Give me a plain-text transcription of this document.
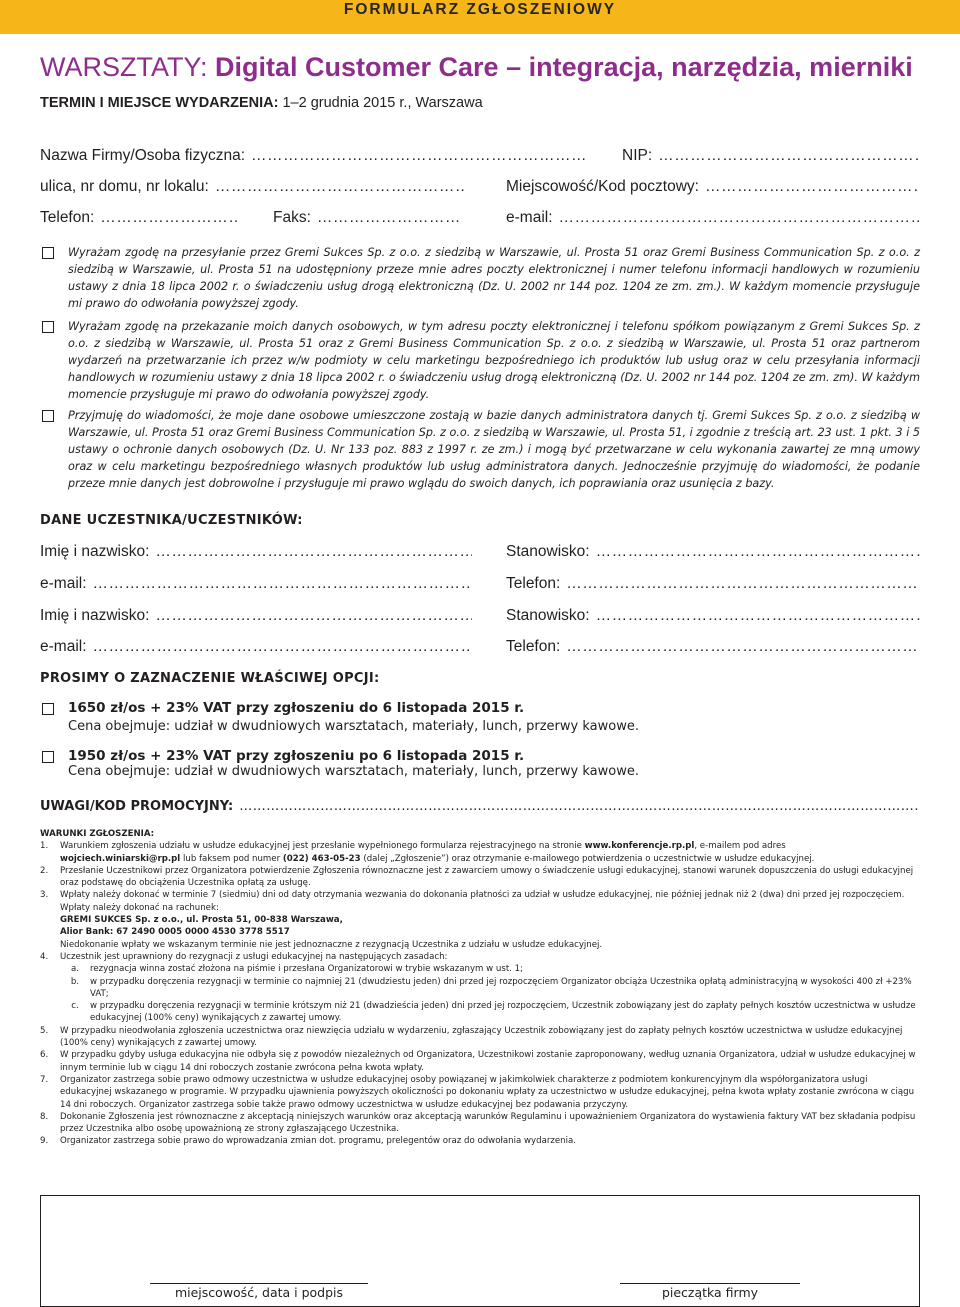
FORMULARZ ZGŁOSZENIOWY
WARSZTATY: Digital Customer Care – integracja, narzędzia, mierniki
TERMIN I MIEJSCE WYDARZENIA: 1–2 grudnia 2015 r., Warszawa
Nazwa Firmy/Osoba fizyczna: ……………………………………………………………………………………………………………………………………………………………………………………………	NIP:
……………………………………………………………………………………………………………………………………………………………………………………………
ulica, nr domu, nr lokalu: ……………………………………………………………………………………………………………………………………………………………………………………………	Miejscowość/Kod pocztowy:
……………………………………………………………………………………………………………………………………………………………………………………………
Telefon: ……………………………………………………………………………………………………………………………………………………………………………………………	Faks: ……………………………………………………………………………………………………………………………………………………………………………………………	e-mail:
……………………………………………………………………………………………………………………………………………………………………………………………
Wyrażam zgodę na przesyłanie przez Gremi Sukces Sp. z o.o. z siedzibą w Warszawie, ul. Prosta 51 oraz Gremi Business Communication Sp. z o.o. z siedzibą w Warszawie, ul. Prosta 51 na udostępniony przeze mnie adres poczty elektronicznej i numer telefonu informacji handlowych w rozumieniu ustawy z dnia 18 lipca 2002 r. o świadczeniu usług drogą elektroniczną (Dz. U. 2002 nr 144 poz. 1204 ze zm. zm.). W każdym momencie przysługuje mi prawo do odwołania powyższej zgody.
Wyrażam zgodę na przekazanie moich danych osobowych, w tym adresu poczty elektronicznej i telefonu spółkom powiązanym z Gremi Sukces Sp. z o.o. z siedzibą w Warszawie, ul. Prosta 51 oraz z Gremi Business Communication Sp. z o.o. z siedzibą w Warszawie, ul. Prosta 51 oraz partnerom wydarzeń na przetwarzanie ich przez w/w podmioty w celu marketingu bezpośredniego ich produktów lub usług oraz w celu przesyłania informacji handlowych w rozumieniu ustawy z dnia 18 lipca 2002 r. o świadczeniu usług drogą elektroniczną (Dz. U. 2002 nr 144 poz. 1204 ze zm. zm). W każdym momencie przysługuje mi prawo do odwołania powyższej zgody.
Przyjmuję do wiadomości, że moje dane osobowe umieszczone zostają w bazie danych administratora danych tj. Gremi Sukces Sp. z o.o. z siedzibą w Warszawie, ul. Prosta 51 oraz Gremi Business Communication Sp. z o.o. z siedzibą w Warszawie, ul. Prosta 51, i zgodnie z treścią art. 23 ust. 1 pkt. 3 i 5 ustawy o ochronie danych osobowych (Dz. U. Nr 133 poz. 883 z 1997 r. ze zm.) i mogą być przetwarzane w celu wykonania zawartej ze mną umowy oraz w celu marketingu bezpośredniego własnych produktów lub usług administratora danych. Jednocześnie przyjmuję do wiadomości, że podanie przeze mnie danych jest dobrowolne i przysługuje mi prawo wglądu do swoich danych, ich poprawiania oraz usunięcia z bazy.
DANE UCZESTNIKA/UCZESTNIKÓW:
Imię i nazwisko: ……………………………………………………………………………………………………………………………………………………………………………………………	Stanowisko:
……………………………………………………………………………………………………………………………………………………………………………………………
e-mail: ……………………………………………………………………………………………………………………………………………………………………………………………	Telefon:
……………………………………………………………………………………………………………………………………………………………………………………………
Imię i nazwisko: ……………………………………………………………………………………………………………………………………………………………………………………………	Stanowisko:
……………………………………………………………………………………………………………………………………………………………………………………………
e-mail: ……………………………………………………………………………………………………………………………………………………………………………………………	Telefon:
……………………………………………………………………………………………………………………………………………………………………………………………
PROSIMY O ZAZNACZENIE WŁAŚCIWEJ OPCJI:
1650 zł/os + 23% VAT przy zgłoszeniu do 6 listopada 2015 r.
Cena obejmuje: udział w dwudniowych warsztatach, materiały, lunch, przerwy kawowe.
1950 zł/os + 23% VAT przy zgłoszeniu po 6 listopada 2015 r.
Cena obejmuje: udział w dwudniowych warsztatach, materiały, lunch, przerwy kawowe.
UWAGI/KOD PROMOCYJNY:
……………………………………………………………………………………………………………………………………………………………………………………………
WARUNKI ZGŁOSZENIA:
1.	Warunkiem zgłoszenia udziału w usłudze edukacyjnej jest przesłanie wypełnionego formularza rejestracyjnego na stronie www.konferencje.rp.pl, e-mailem pod adres
wojciech.winiarski@rp.pl lub faksem pod numer (022) 463-05-23 (dalej „Zgłoszenie”) oraz otrzymanie e-mailowego potwierdzenia o uczestnictwie w usłudze edukacyjnej.
2.	Przesłanie Uczestnikowi przez Organizatora potwierdzenie Zgłoszenia równoznaczne jest z zawarciem umowy o świadczenie usługi edukacyjnej, stanowi warunek dopuszczenia do usługi edukacyjnej oraz podstawę do obciążenia Uczestnika opłatą za usługę.
3.	Wpłaty należy dokonać w terminie 7 (siedmiu) dni od daty otrzymania wezwania do dokonania płatności za udział w usłudze edukacyjnej, nie później jednak niż 2 (dwa) dni przed jej rozpoczęciem. Wpłaty należy dokonać na rachunek:
GREMI SUKCES Sp. z o.o., ul. Prosta 51, 00-838 Warszawa,
Alior Bank: 67 2490 0005 0000 4530 3778 5517
Niedokonanie wpłaty we wskazanym terminie nie jest jednoznaczne z rezygnacją Uczestnika z udziału w usłudze edukacyjnej.
4.	Uczestnik jest uprawniony do rezygnacji z usługi edukacyjnej na następujących zasadach:
a.	rezygnacja winna zostać złożona na piśmie i przesłana Organizatorowi w trybie wskazanym w ust. 1;
b.	w przypadku doręczenia rezygnacji w terminie co najmniej 21 (dwudziestu jeden) dni przed jej rozpoczęciem Organizator obciąża Uczestnika opłatą administracyjną w wysokości 400 zł +23% VAT;
c.	w przypadku doręczenia rezygnacji w terminie krótszym niż 21 (dwadzieścia jeden) dni przed jej rozpoczęciem, Uczestnik zobowiązany jest do zapłaty pełnych kosztów uczestnictwa w usłudze edukacyjnej (100% ceny) wynikających z zawartej umowy.
5.	W przypadku nieodwołania zgłoszenia uczestnictwa oraz niewzięcia udziału w wydarzeniu, zgłaszający Uczestnik zobowiązany jest do zapłaty pełnych kosztów uczestnictwa w usłudze edukacyjnej (100% ceny) wynikających z zawartej umowy.
6.	W przypadku gdyby usługa edukacyjna nie odbyła się z powodów niezależnych od Organizatora, Uczestnikowi zostanie zaproponowany, według uznania Organizatora, udział w usłudze edukacyjnej w innym terminie lub w ciągu 14 dni roboczych zostanie zwrócona pełna kwota wpłaty.
7.	Organizator zastrzega sobie prawo odmowy uczestnictwa w usłudze edukacyjnej osoby powiązanej w jakimkolwiek charakterze z podmiotem konkurencyjnym dla współorganizatora usługi edukacyjnej wskazanego w programie. W przypadku ujawnienia powyższych okoliczności po dokonaniu wpłaty za uczestnictwo w usłudze edukacyjnej, pełna kwota wpłaty zostanie zwrócona w ciągu 14 dni roboczych. Organizator zastrzega sobie także prawo odmowy uczestnictwa w usłudze edukacyjnej bez podawania przyczyny.
8.	Dokonanie Zgłoszenia jest równoznaczne z akceptacją niniejszych warunków oraz akceptacją warunków Regulaminu i upoważnieniem Organizatora do wystawienia faktury VAT bez składania podpisu przez Uczestnika albo osobę upoważnioną ze strony zgłaszającego Uczestnika.
9.	Organizator zastrzega sobie prawo do wprowadzania zmian dot. programu, prelegentów oraz do odwołania wydarzenia.
miejscowość, data i podpis	pieczątka firmy
